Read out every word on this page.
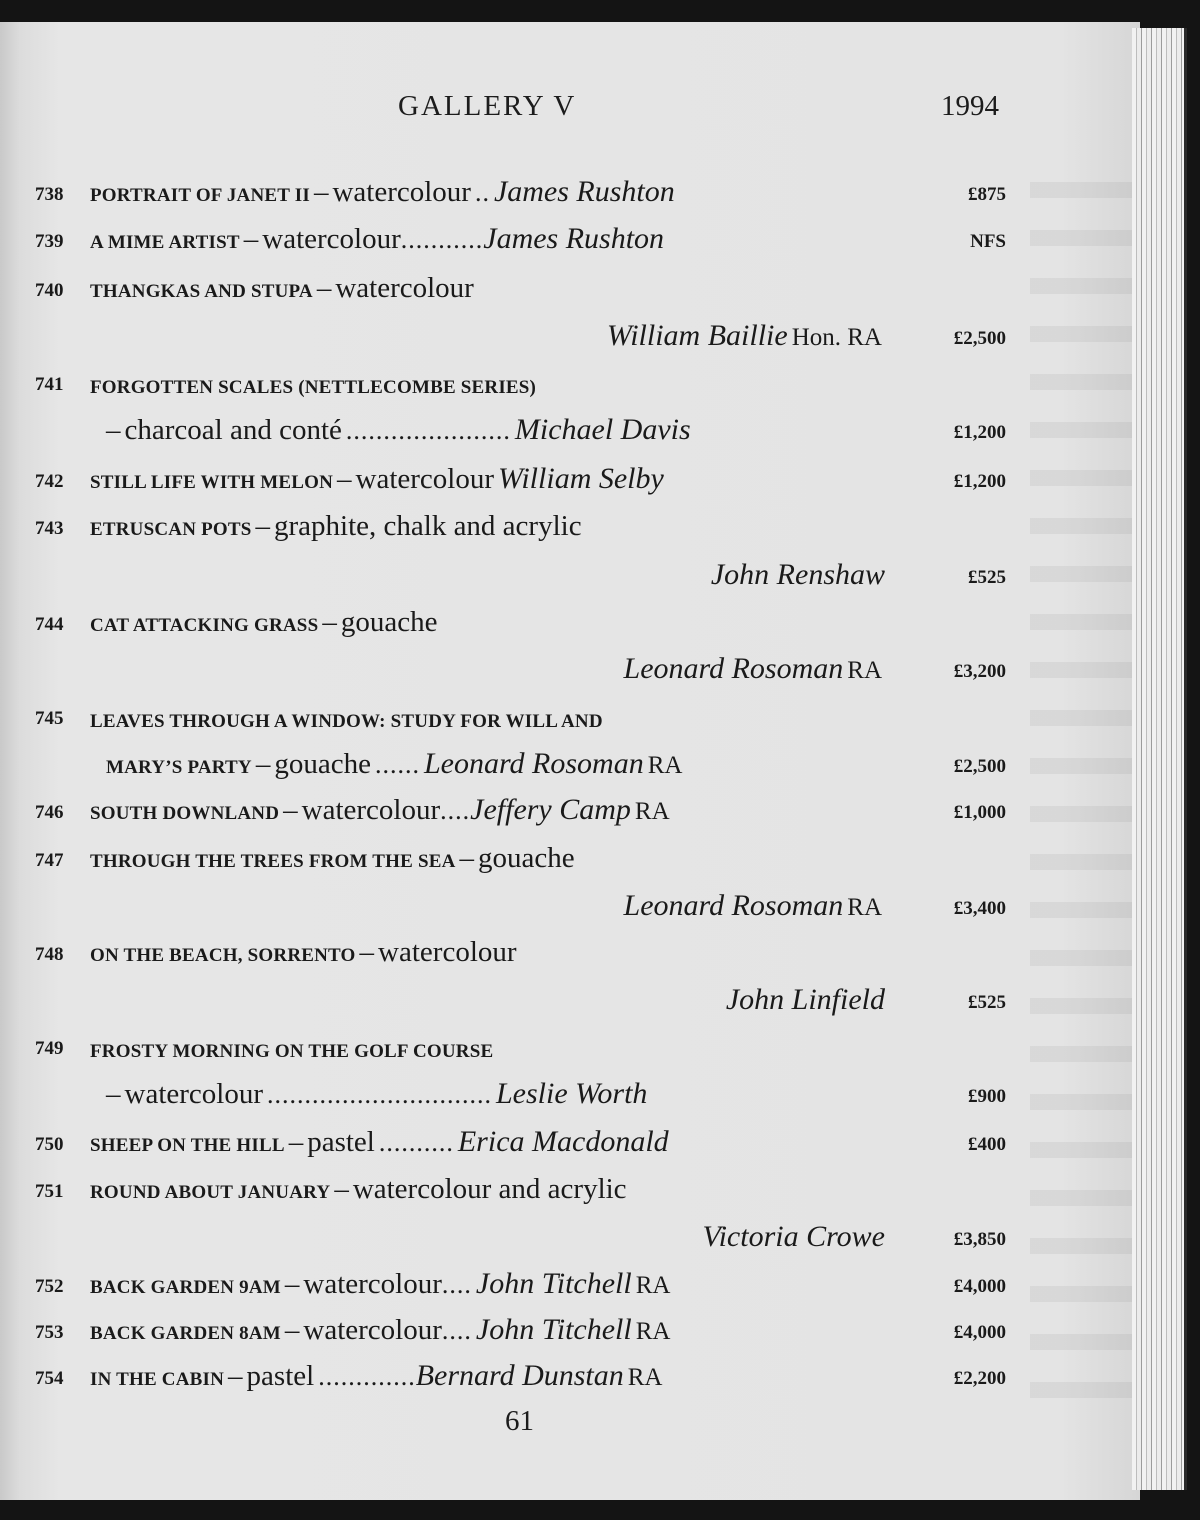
GALLERY V	1994
738 PORTRAIT OF JANET II – watercolour .. James Rushton	£875
739 A MIME ARTIST – watercolour...........James Rushton	NFS
740 THANGKAS AND STUPA – watercolour
William Baillie Hon. RA	£2,500
741 FORGOTTEN SCALES (NETTLECOMBE SERIES)
– charcoal and conté ...................... Michael Davis	£1,200
742 STILL LIFE WITH MELON – watercolour William Selby	£1,200
743 ETRUSCAN POTS – graphite, chalk and acrylic
John Renshaw	£525
744 CAT ATTACKING GRASS – gouache
Leonard Rosoman RA	£3,200
745 LEAVES THROUGH A WINDOW: STUDY FOR WILL AND
MARY’S PARTY – gouache ...... Leonard Rosoman RA	£2,500
746 SOUTH DOWNLAND – watercolour....Jeffery Camp RA	£1,000
747 THROUGH THE TREES FROM THE SEA – gouache
Leonard Rosoman RA	£3,400
748 ON THE BEACH, SORRENTO – watercolour
John Linfield	£525
749 FROSTY MORNING ON THE GOLF COURSE
– watercolour .............................. Leslie Worth	£900
750 SHEEP ON THE HILL – pastel .......... Erica Macdonald	£400
751 ROUND ABOUT JANUARY – watercolour and acrylic
Victoria Crowe	£3,850
752 BACK GARDEN 9AM – watercolour.... John Titchell RA	£4,000
753 BACK GARDEN 8AM – watercolour.... John Titchell RA	£4,000
754 IN THE CABIN – pastel .............Bernard Dunstan RA	£2,200
61
